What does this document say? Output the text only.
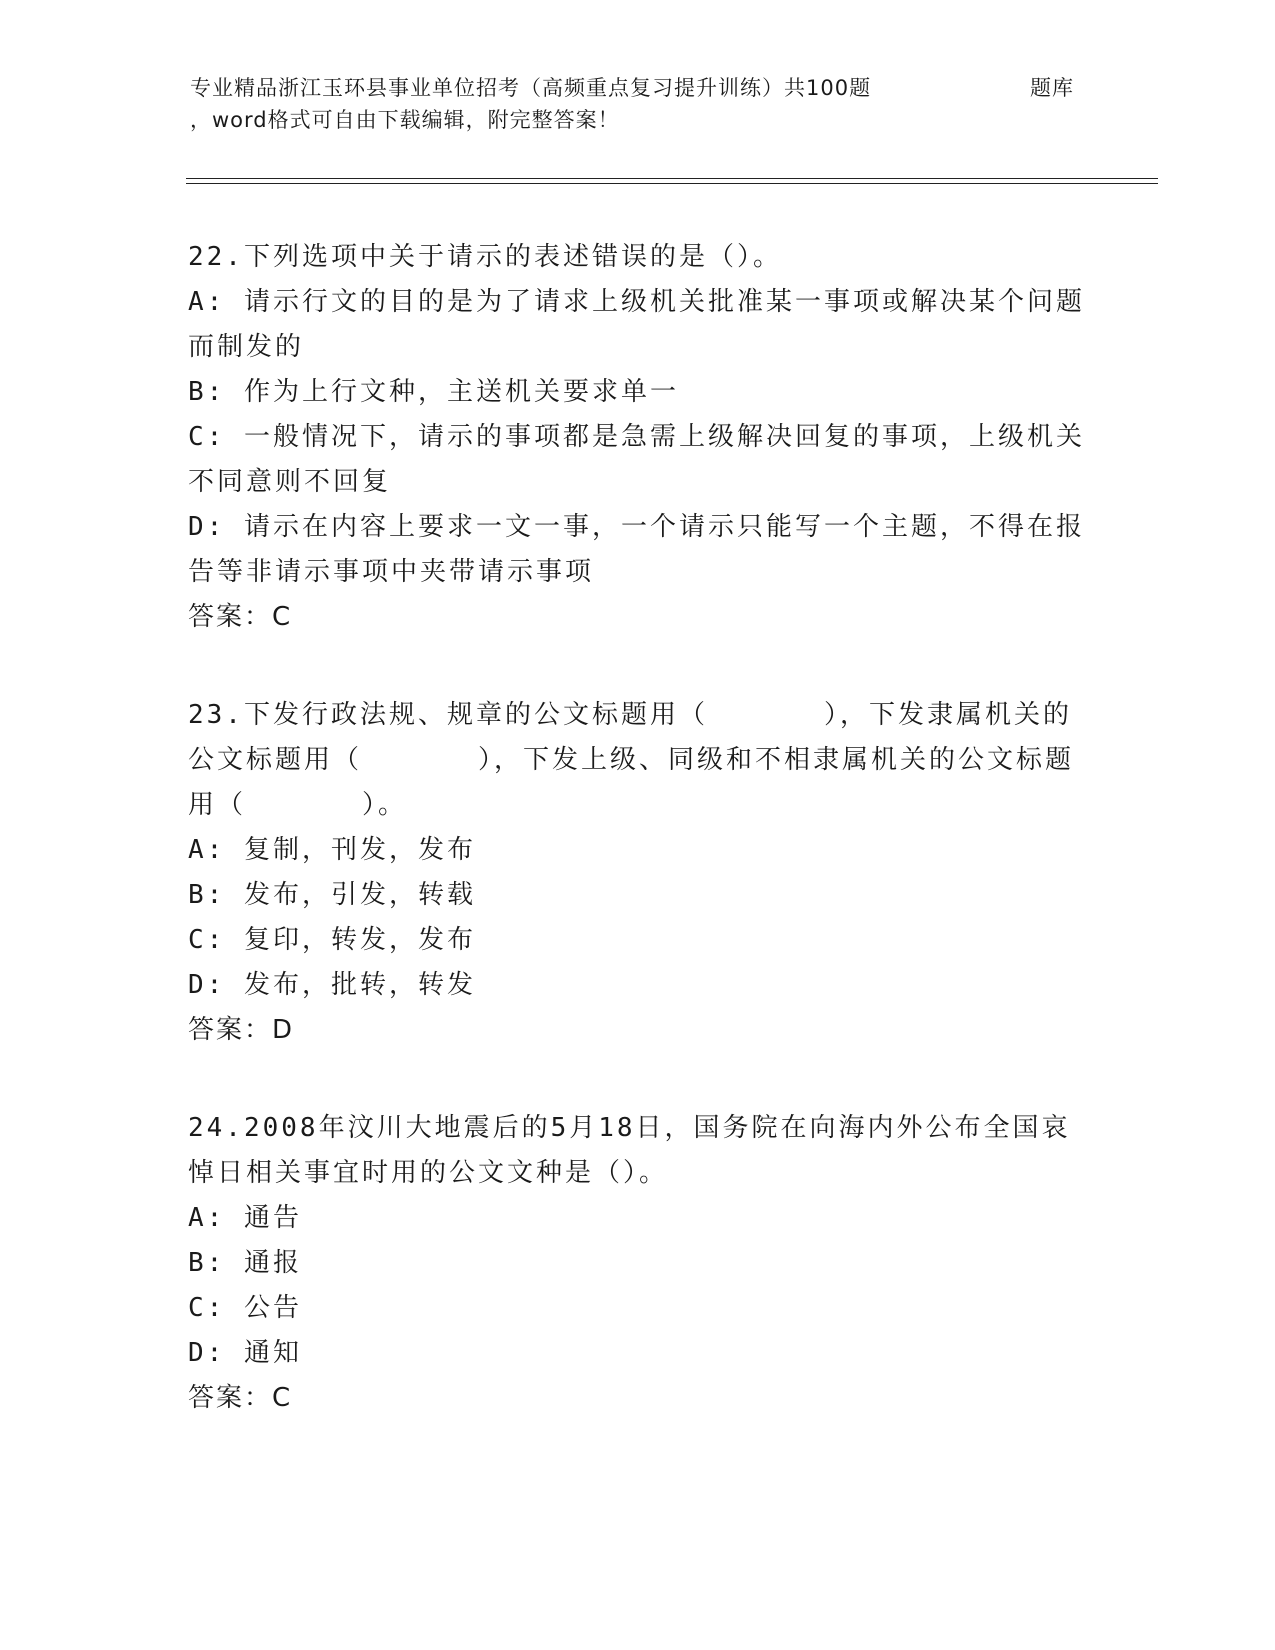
专业精品浙江玉环县事业单位招考（高频重点复习提升训练）共100题	题库
，word格式可自由下载编辑，附完整答案！

22.下列选项中关于请示的表述错误的是（）。

A: 请示行文的目的是为了请求上级机关批准某一事项或解决某个问题而制发的

B: 作为上行文种，主送机关要求单一

C: 一般情况下，请示的事项都是急需上级解决回复的事项，上级机关不同意则不回复

D: 请示在内容上要求一文一事，一个请示只能写一个主题，不得在报告等非请示事项中夹带请示事项

答案：C

23.下发行政法规、规章的公文标题用（　　　　），下发隶属机关的公文标题用（　　　　），下发上级、同级和不相隶属机关的公文标题用（　　　　）。

A: 复制，刊发，发布

B: 发布，引发，转载

C: 复印，转发，发布

D: 发布，批转，转发

答案：D

24.2008年汶川大地震后的5月18日，国务院在向海内外公布全国哀悼日相关事宜时用的公文文种是（）。

A: 通告

B: 通报

C: 公告

D: 通知

答案：C
